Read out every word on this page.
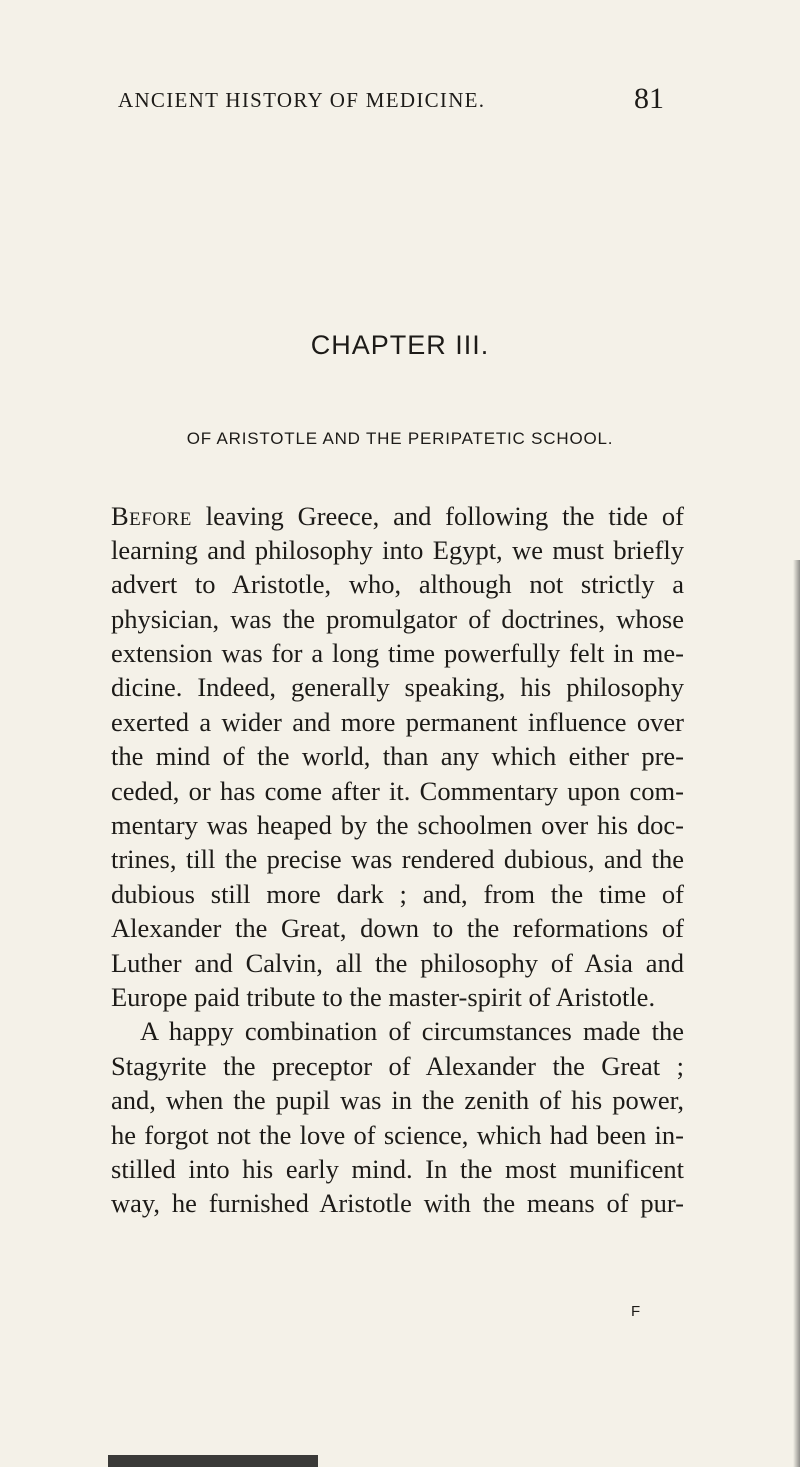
ANCIENT HISTORY OF MEDICINE.	81
CHAPTER III.
OF ARISTOTLE AND THE PERIPATETIC SCHOOL.
Before leaving Greece, and following the tide of
learning and philosophy into Egypt, we must briefly
advert to Aristotle, who, although not strictly a
physician, was the promulgator of doctrines, whose
extension was for a long time powerfully felt in me-
dicine. Indeed, generally speaking, his philosophy
exerted a wider and more permanent influence over
the mind of the world, than any which either pre-
ceded, or has come after it. Commentary upon com-
mentary was heaped by the schoolmen over his doc-
trines, till the precise was rendered dubious, and the
dubious still more dark ; and, from the time of
Alexander the Great, down to the reformations of
Luther and Calvin, all the philosophy of Asia and
Europe paid tribute to the master-spirit of Aristotle.
A happy combination of circumstances made the
Stagyrite the preceptor of Alexander the Great ;
and, when the pupil was in the zenith of his power,
he forgot not the love of science, which had been in-
stilled into his early mind. In the most munificent
way, he furnished Aristotle with the means of pur-
F
